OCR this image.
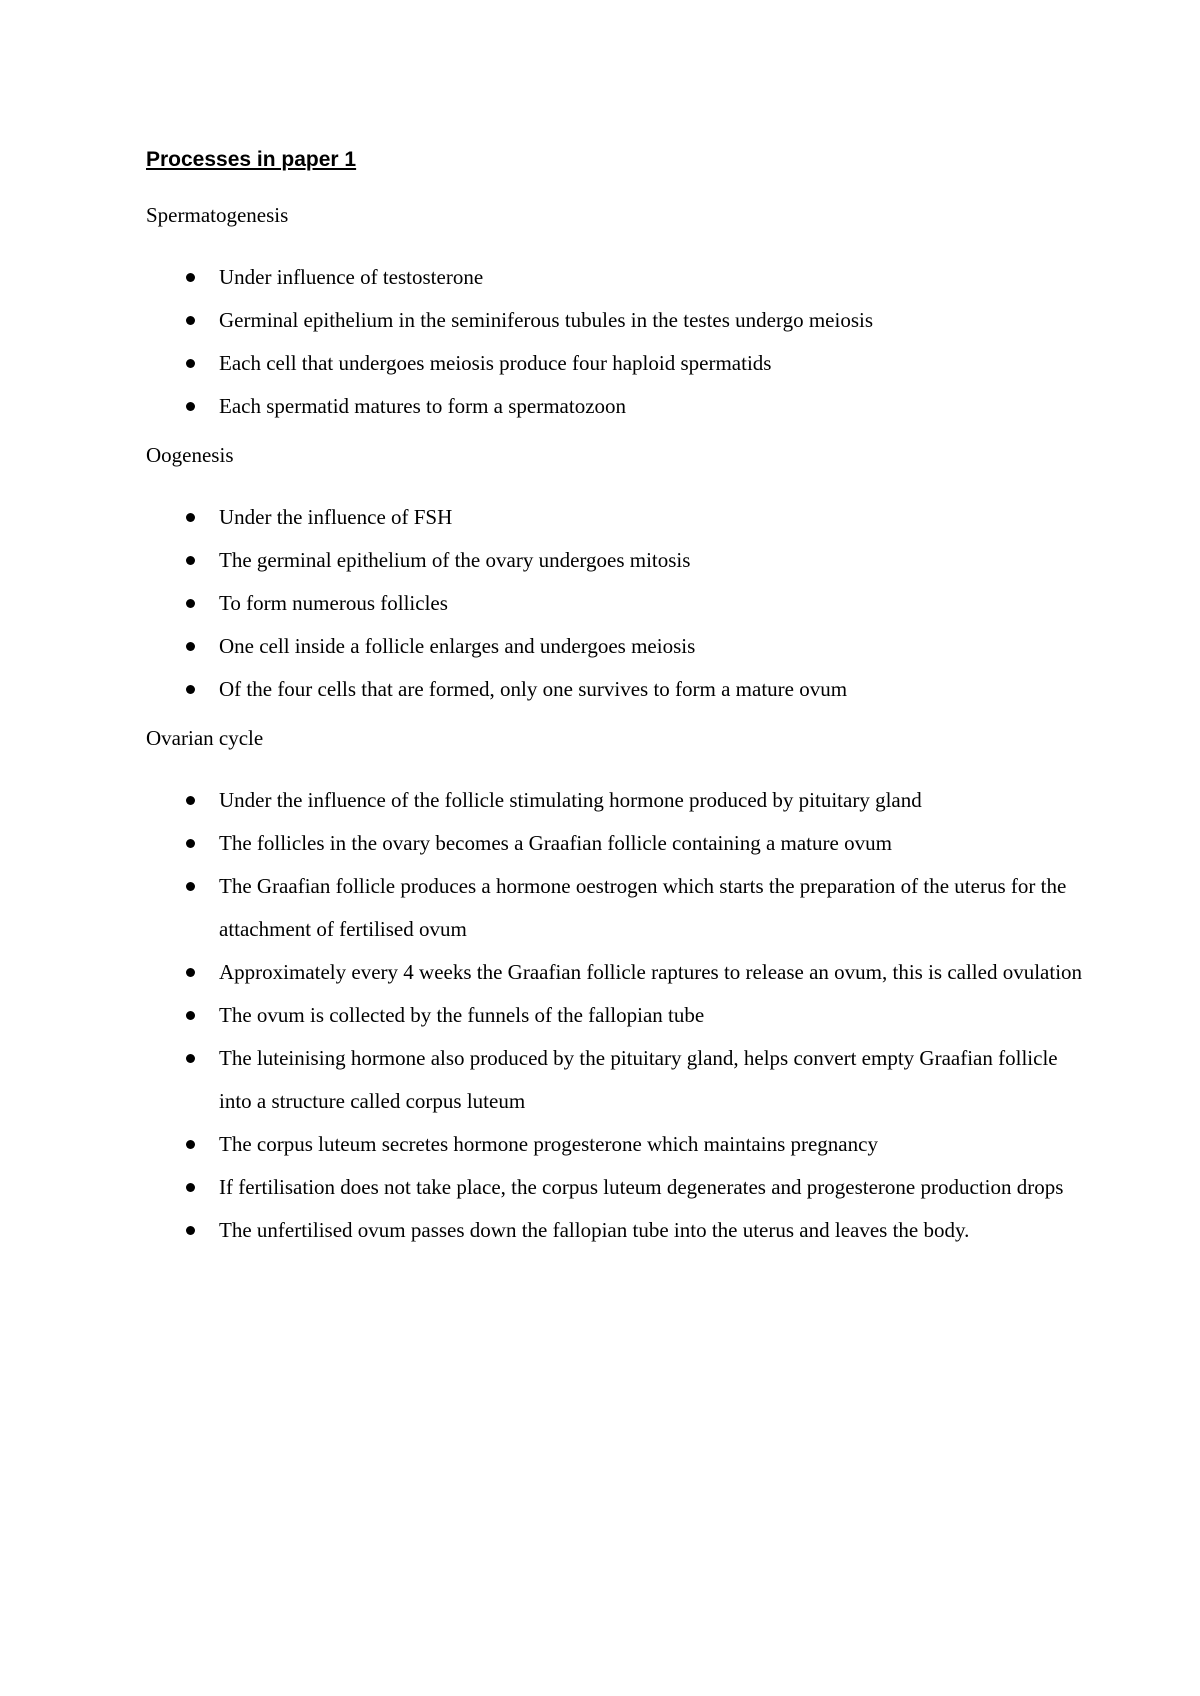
Processes in paper 1
Spermatogenesis
Under influence of testosterone
Germinal epithelium in the seminiferous tubules in the testes undergo meiosis
Each cell that undergoes meiosis produce four haploid spermatids
Each spermatid matures to form a spermatozoon
Oogenesis
Under the influence of FSH
The germinal epithelium of the ovary undergoes mitosis
To form numerous follicles
One cell inside a follicle enlarges and undergoes meiosis
Of the four cells that are formed, only one survives to form a mature ovum
Ovarian cycle
Under the influence of the follicle stimulating hormone produced by pituitary gland
The follicles in the ovary becomes a Graafian follicle containing a mature ovum
The Graafian follicle produces a hormone oestrogen which starts the preparation of the uterus for the attachment of fertilised ovum
Approximately every 4 weeks the Graafian follicle raptures to release an ovum, this is called ovulation
The ovum is collected by the funnels of the fallopian tube
The luteinising hormone also produced by the pituitary gland, helps convert empty Graafian follicle into a structure called corpus luteum
The corpus luteum secretes hormone progesterone which maintains pregnancy
If fertilisation does not take place, the corpus luteum degenerates and progesterone production drops
The unfertilised ovum passes down the fallopian tube into the uterus and leaves the body.
